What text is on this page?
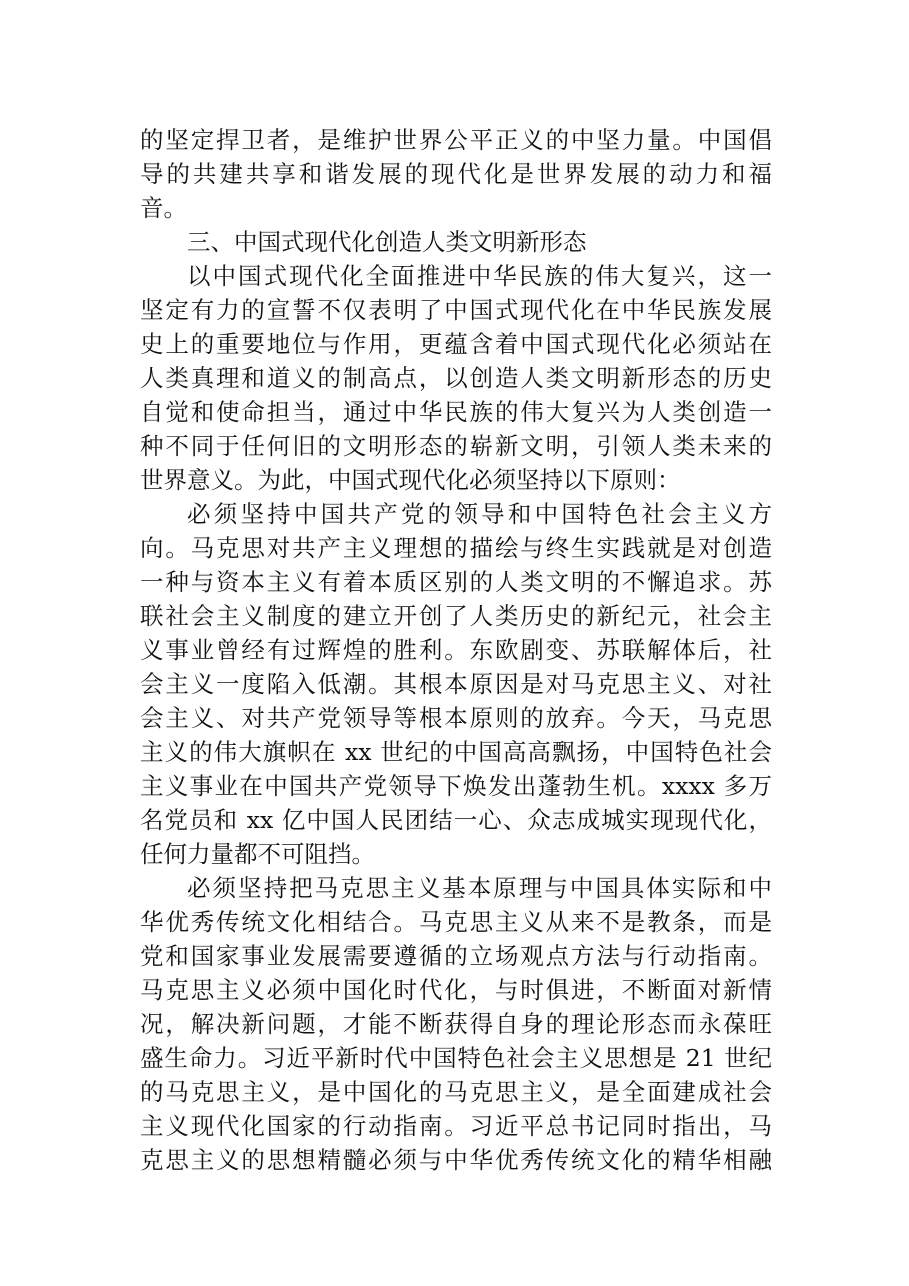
的坚定捍卫者，是维护世界公平正义的中坚力量。中国倡
导的共建共享和谐发展的现代化是世界发展的动力和福
音。
三、中国式现代化创造人类文明新形态
以中国式现代化全面推进中华民族的伟大复兴，这一
坚定有力的宣誓不仅表明了中国式现代化在中华民族发展
史上的重要地位与作用，更蕴含着中国式现代化必须站在
人类真理和道义的制高点，以创造人类文明新形态的历史
自觉和使命担当，通过中华民族的伟大复兴为人类创造一
种不同于任何旧的文明形态的崭新文明，引领人类未来的
世界意义。为此，中国式现代化必须坚持以下原则：
必须坚持中国共产党的领导和中国特色社会主义方
向。马克思对共产主义理想的描绘与终生实践就是对创造
一种与资本主义有着本质区别的人类文明的不懈追求。苏
联社会主义制度的建立开创了人类历史的新纪元，社会主
义事业曾经有过辉煌的胜利。东欧剧变、苏联解体后，社
会主义一度陷入低潮。其根本原因是对马克思主义、对社
会主义、对共产党领导等根本原则的放弃。今天，马克思
主义的伟大旗帜在 xx 世纪的中国高高飘扬，中国特色社会
主义事业在中国共产党领导下焕发出蓬勃生机。xxxx 多万
名党员和 xx 亿中国人民团结一心、众志成城实现现代化，
任何力量都不可阻挡。
必须坚持把马克思主义基本原理与中国具体实际和中
华优秀传统文化相结合。马克思主义从来不是教条，而是
党和国家事业发展需要遵循的立场观点方法与行动指南。
马克思主义必须中国化时代化，与时俱进，不断面对新情
况，解决新问题，才能不断获得自身的理论形态而永葆旺
盛生命力。习近平新时代中国特色社会主义思想是 21 世纪
的马克思主义，是中国化的马克思主义，是全面建成社会
主义现代化国家的行动指南。习近平总书记同时指出，马
克思主义的思想精髓必须与中华优秀传统文化的精华相融
